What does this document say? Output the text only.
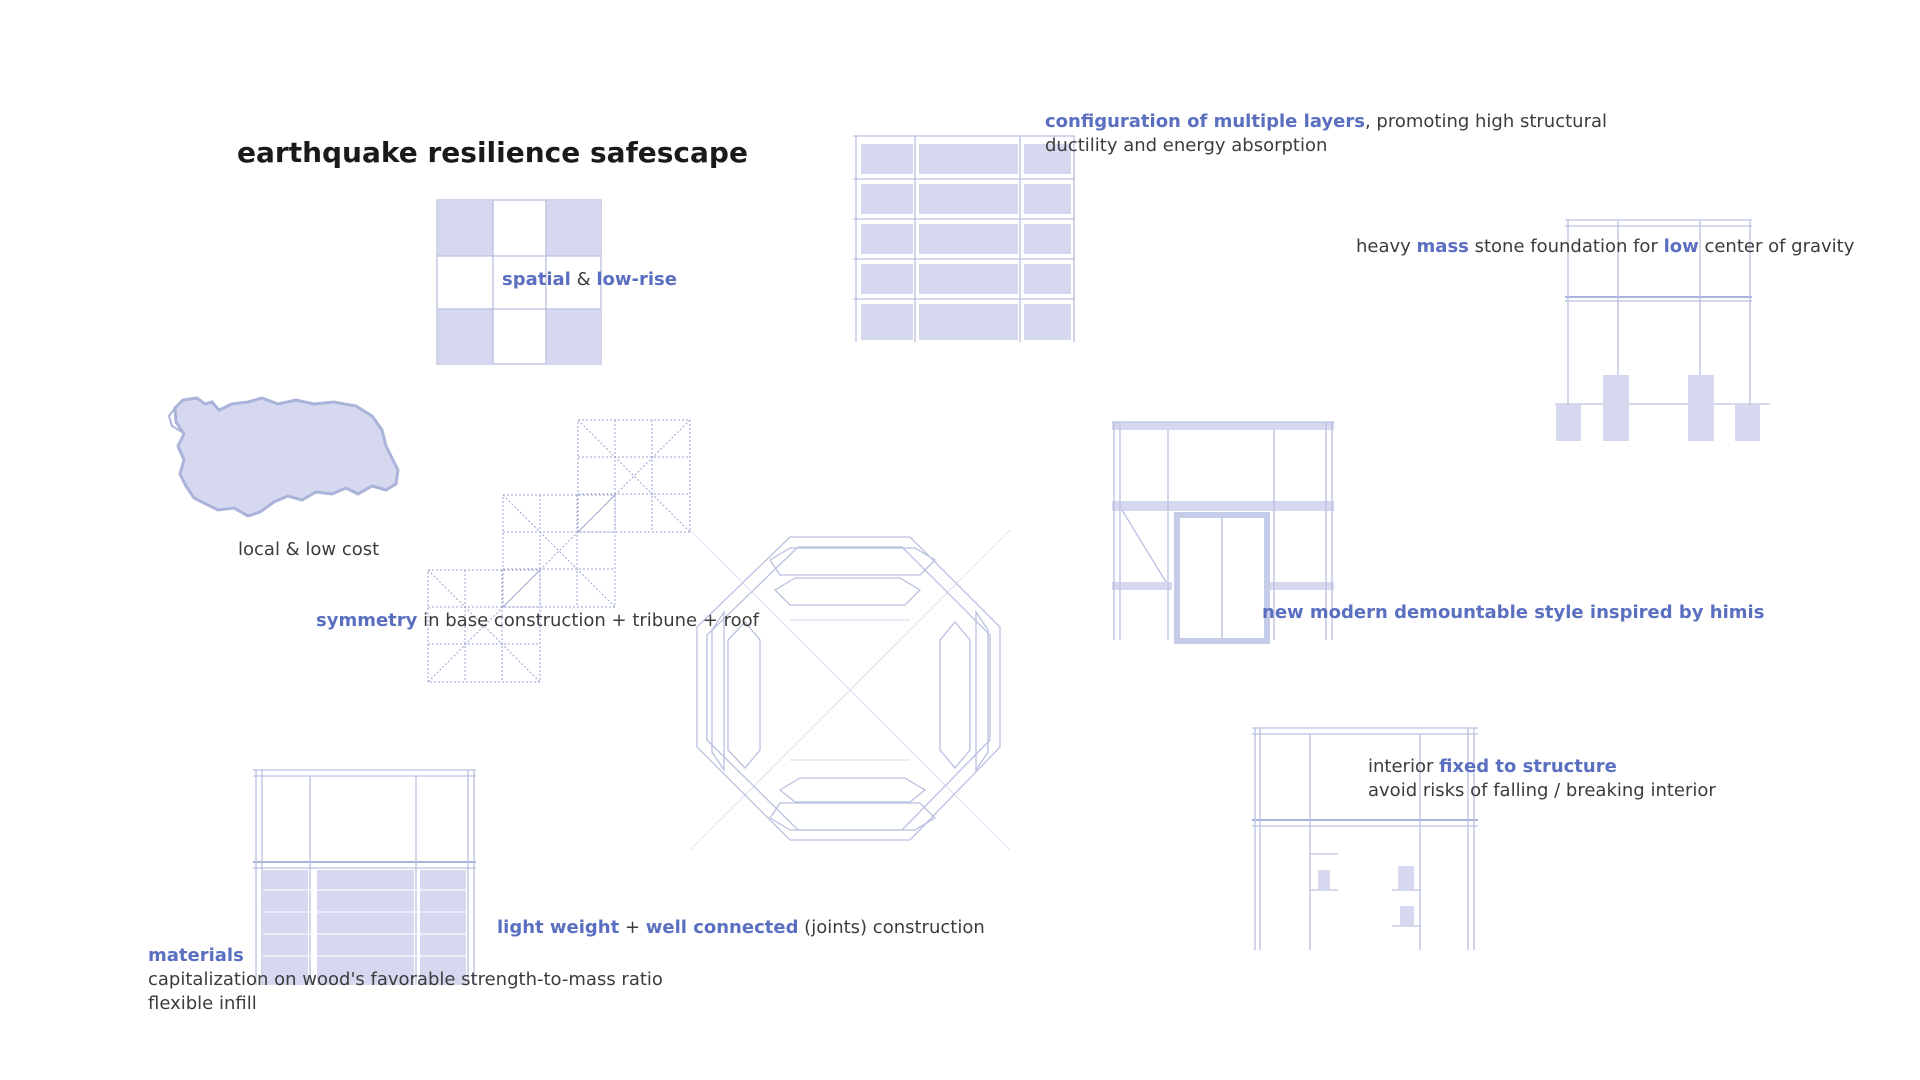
earthquake resilience safescape
spatial & low-rise
local & low cost
symmetry in base construction + tribune + roof
configuration of multiple layers, promoting high structural
ductility and energy absorption
heavy mass stone foundation for low center of gravity
new modern demountable style inspired by himis
interior fixed to structure
avoid risks of falling / breaking interior
light weight + well connected (joints) construction
materials
capitalization on wood's favorable strength-to-mass ratio
flexible infill
